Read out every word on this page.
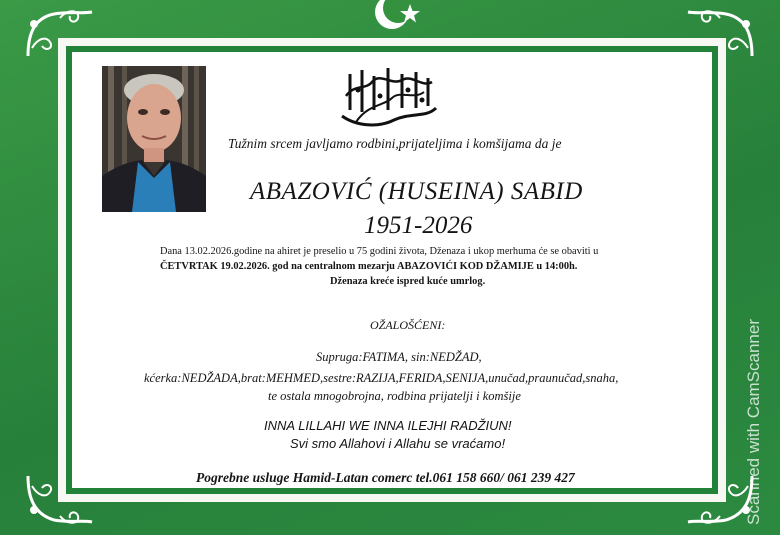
Tužnim srcem javljamo rodbini,prijateljima i komšijama da je
ABAZOVIĆ (HUSEINA) SABID
1951-2026
Dana 13.02.2026.godine na ahiret je preselio u 75 godini života, Dženaza i ukop merhuma će se obaviti u
ČETVRTAK 19.02.2026. god na centralnom mezarju ABAZOVIĆI KOD DŽAMIJE u 14:00h.
Dženaza kreće ispred kuće umrlog.
OŽALOŠĆENI:
Supruga:FATIMA, sin:NEDŽAD,
kćerka:NEDŽADA,brat:MEHMED,sestre:RAZIJA,FERIDA,SENIJA,unučad,praunučad,snaha,
te ostala mnogobrojna, rodbina prijatelji i komšije
INNA LILLAHI WE INNA ILEJHI RADŽIUN!
Svi smo Allahovi i Allahu se vraćamo!
Pogrebne usluge Hamid-Latan comerc tel.061 158 660/ 061 239 427	Scanned with CamScanner
